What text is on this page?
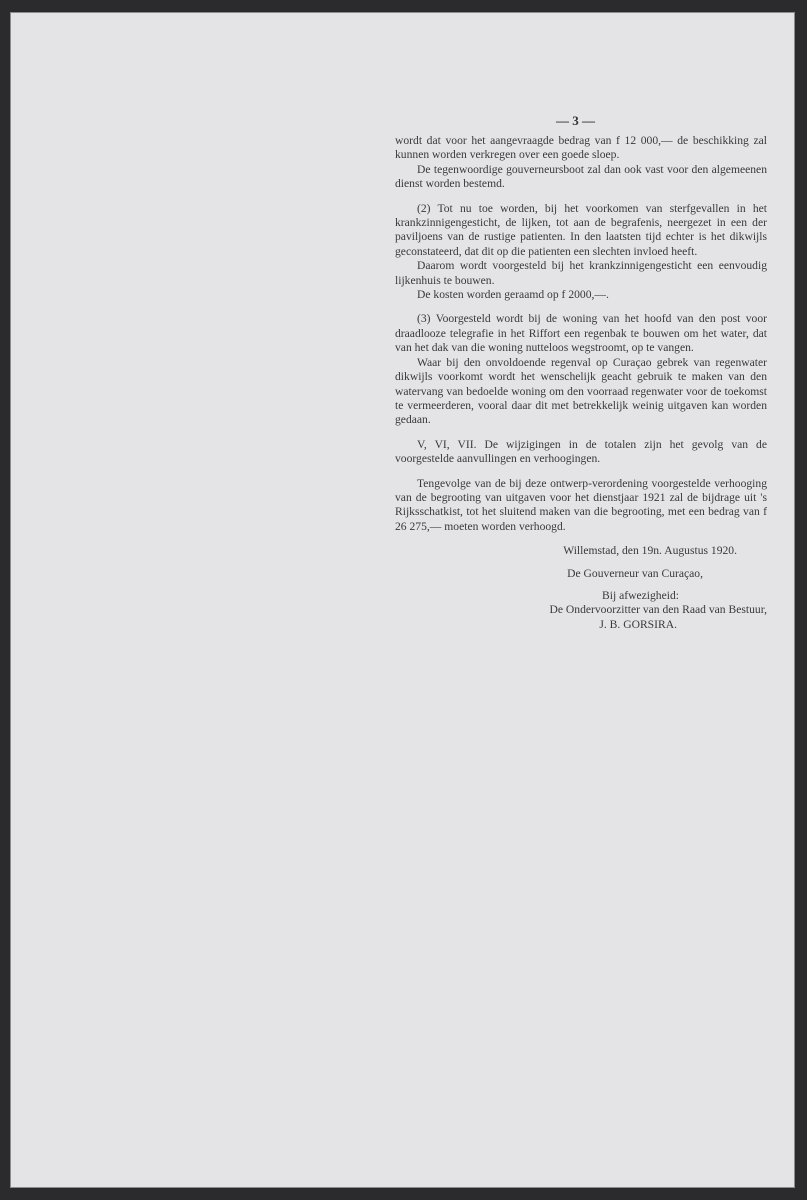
— 3 —

wordt dat voor het aangevraagde bedrag van f 12 000,— de beschikking zal kunnen worden verkregen over een goede sloep.

De tegenwoordige gouverneursboot zal dan ook vast voor den algemeenen dienst worden bestemd.

(2) Tot nu toe worden, bij het voorkomen van sterfgevallen in het krankzinnigengesticht, de lijken, tot aan de begrafenis, neergezet in een der paviljoens van de rustige patienten. In den laatsten tijd echter is het dikwijls geconstateerd, dat dit op die patienten een slechten invloed heeft.

Daarom wordt voorgesteld bij het krankzinnigengesticht een eenvoudig lijkenhuis te bouwen.

De kosten worden geraamd op f 2000,—.

(3) Voorgesteld wordt bij de woning van het hoofd van den post voor draadlooze telegrafie in het Riffort een regenbak te bouwen om het water, dat van het dak van die woning nutteloos wegstroomt, op te vangen.

Waar bij den onvoldoende regenval op Curaçao gebrek van regenwater dikwijls voorkomt wordt het wenschelijk geacht gebruik te maken van den watervang van bedoelde woning om den voorraad regenwater voor de toekomst te vermeerderen, vooral daar dit met betrekkelijk weinig uitgaven kan worden gedaan.

V, VI, VII. De wijzigingen in de totalen zijn het gevolg van de voorgestelde aanvullingen en verhoogingen.

Tengevolge van de bij deze ontwerp-verordening voorgestelde verhooging van de begrooting van uitgaven voor het dienstjaar 1921 zal de bijdrage uit 's Rijksschatkist, tot het sluitend maken van die begrooting, met een bedrag van f 26 275,— moeten worden verhoogd.

Willemstad, den 19n. Augustus 1920.

De Gouverneur van Curaçao,

Bij afwezigheid:

De Ondervoorzitter van den Raad van Bestuur,

J. B. GORSIRA.
